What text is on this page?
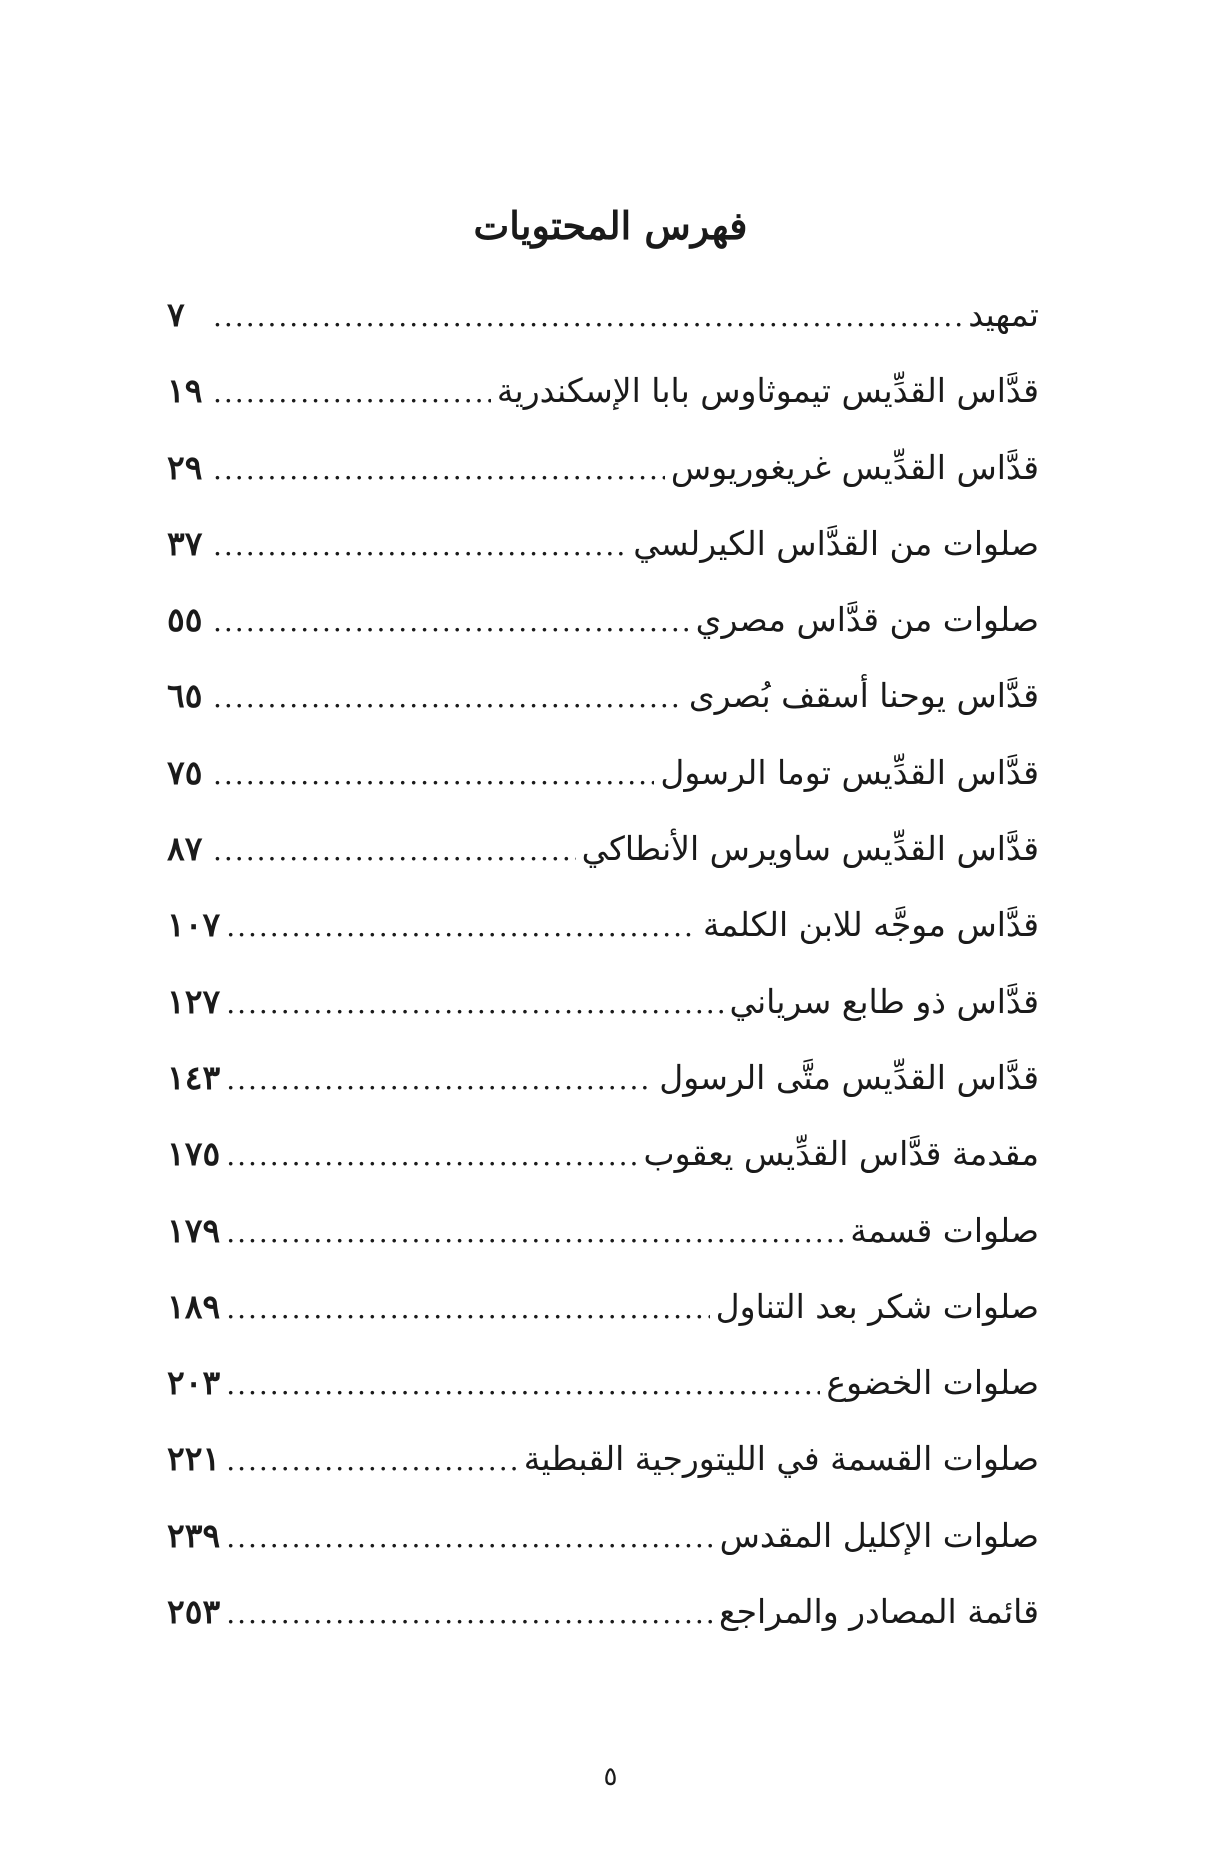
فهرس المحتويات
تمهيد
.....
٧
قدَّاس القدِّيس تيموثاوس بابا الإسكندرية
.....
١٩
قدَّاس القدِّيس غريغوريوس
.....
٢٩
صلوات من القدَّاس الكيرلسي
.....
٣٧
صلوات من قدَّاس مصري
.....
٥٥
قدَّاس يوحنا أسقف بُصرى
.....
٦٥
قدَّاس القدِّيس توما الرسول
.....
٧٥
قدَّاس القدِّيس ساويرس الأنطاكي
.....
٨٧
قدَّاس موجَّه للابن الكلمة
.....
١٠٧
قدَّاس ذو طابع سرياني
.....
١٢٧
قدَّاس القدِّيس متَّى الرسول
.....
١٤٣
مقدمة قدَّاس القدِّيس يعقوب
.....
١٧٥
صلوات قسمة
.....
١٧٩
صلوات شكر بعد التناول
.....
١٨٩
صلوات الخضوع
.....
٢٠٣
صلوات القسمة في الليتورجية القبطية
.....
٢٢١
صلوات الإكليل المقدس
.....
٢٣٩
قائمة المصادر والمراجع
.....
٢٥٣
٥
